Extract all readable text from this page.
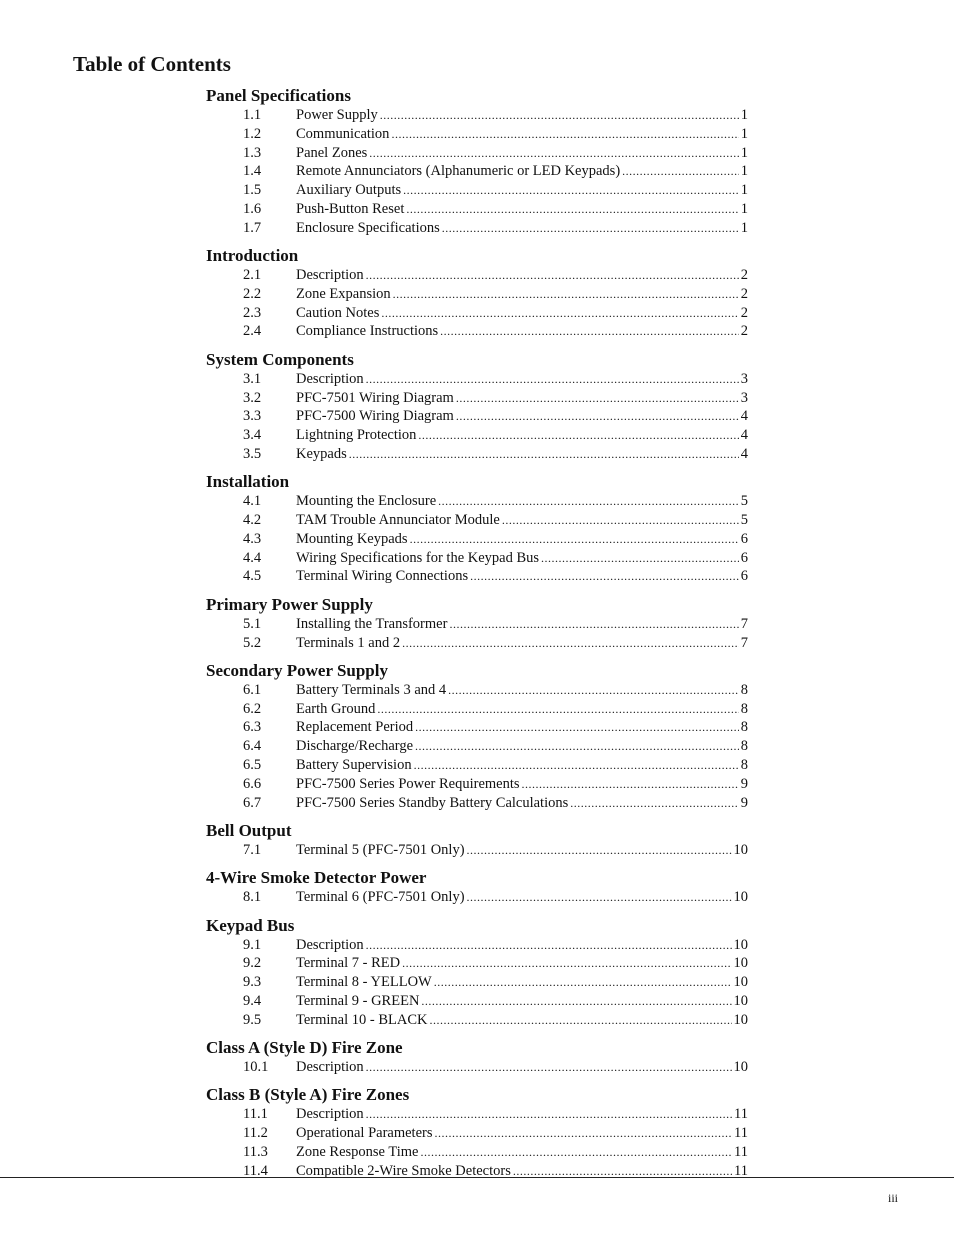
Table of Contents
Panel Specifications
1.1 Power Supply .....	1
1.2 Communication .....	1
1.3 Panel Zones .....	1
1.4 Remote Annunciators (Alphanumeric or LED Keypads) .....	1
1.5 Auxiliary Outputs .....	1
1.6 Push-Button Reset .....	1
1.7 Enclosure Specifications .....	1
Introduction
2.1 Description .....	2
2.2 Zone Expansion .....	2
2.3 Caution Notes .....	2
2.4 Compliance Instructions .....	2
System Components
3.1 Description .....	3
3.2 PFC-7501 Wiring Diagram .....	3
3.3 PFC-7500 Wiring Diagram .....	4
3.4 Lightning Protection .....	4
3.5 Keypads .....	4
Installation
4.1 Mounting the Enclosure .....	5
4.2 TAM Trouble Annunciator Module .....	5
4.3 Mounting Keypads .....	6
4.4 Wiring Specifications for the Keypad Bus .....	6
4.5 Terminal Wiring Connections .....	6
Primary Power Supply
5.1 Installing the Transformer .....	7
5.2 Terminals 1 and 2 .....	7
Secondary Power Supply
6.1 Battery Terminals 3 and 4 .....	8
6.2 Earth Ground .....	8
6.3 Replacement Period .....	8
6.4 Discharge/Recharge .....	8
6.5 Battery Supervision .....	8
6.6 PFC-7500 Series Power Requirements .....	9
6.7 PFC-7500 Series Standby Battery Calculations .....	9
Bell Output
7.1 Terminal 5 (PFC-7501 Only) .....	10
4-Wire Smoke Detector Power
8.1 Terminal 6 (PFC-7501 Only) .....	10
Keypad Bus
9.1 Description .....	10
9.2 Terminal 7 - RED .....	10
9.3 Terminal 8 - YELLOW .....	10
9.4 Terminal 9 - GREEN .....	10
9.5 Terminal 10 - BLACK .....	10
Class A (Style D) Fire Zone
10.1 Description .....	10
Class B (Style A) Fire Zones
11.1 Description .....	11
11.2 Operational Parameters .....	11
11.3 Zone Response Time .....	11
11.4 Compatible 2-Wire Smoke Detectors .....	11
iii
